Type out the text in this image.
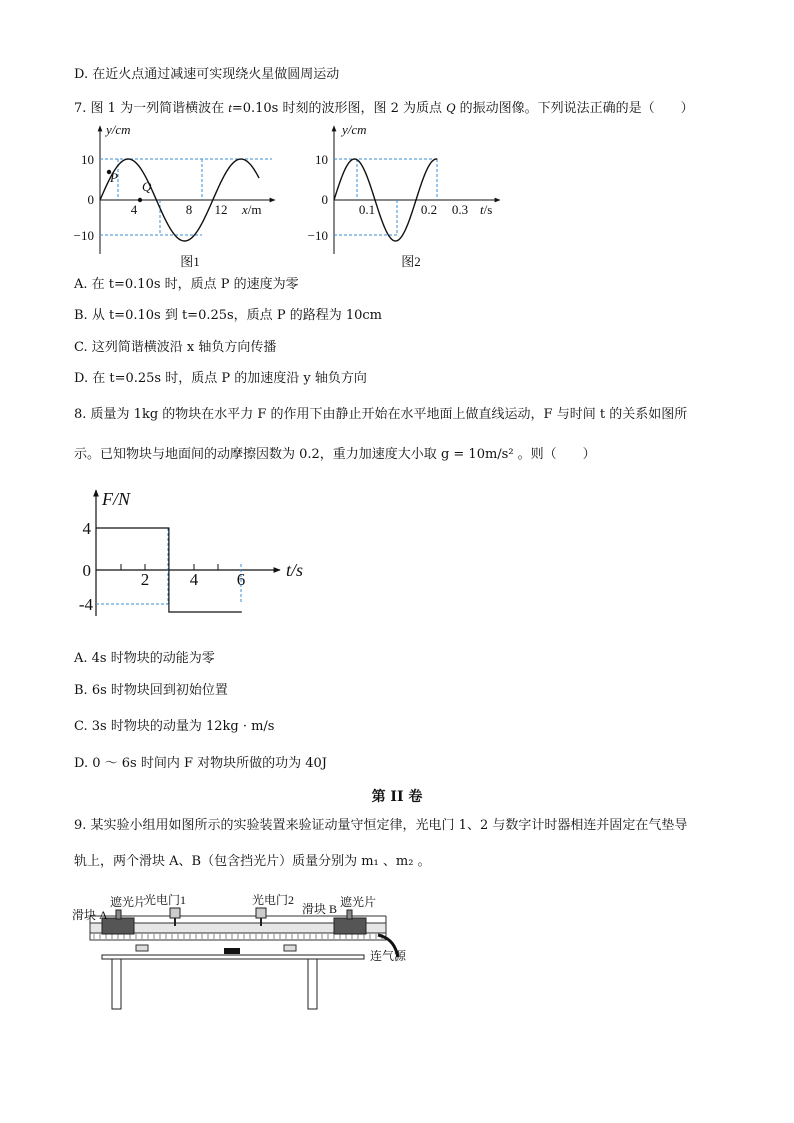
D. 在近火点通过减速可实现绕火星做圆周运动
7. 图 1 为一列简谐横波在 t=0.10s 时刻的波形图，图 2 为质点 Q 的振动图像。下列说法正确的是（　　）
P
Q
y/cm
10
0
−10
4	8 12 x/m
图1
y/cm
10
0
−10
0.1	0.2 0.3 t/s
图2
A. 在 t=0.10s 时，质点 P 的速度为零
B. 从 t=0.10s 到 t=0.25s，质点 P 的路程为 10cm
C. 这列简谐横波沿 x 轴负方向传播
D. 在 t=0.25s 时，质点 P 的加速度沿 y 轴负方向
8. 质量为 1kg 的物块在水平力 F 的作用下由静止开始在水平地面上做直线运动，F 与时间 t 的关系如图所
示。已知物块与地面间的动摩擦因数为 0.2，重力加速度大小取 g = 10m/s² 。则（　　）
F/N
4
0
-4
2 4 6 t/s
A. 4s 时物块的动能为零
B. 6s 时物块回到初始位置
C. 3s 时物块的动量为 12kg · m/s
D. 0 ～ 6s 时间内 F 对物块所做的功为 40J
第 II 卷
9. 某实验小组用如图所示的实验装置来验证动量守恒定律，光电门 1、2 与数字计时器相连并固定在气垫导
轨上，两个滑块 A、B（包含挡光片）质量分别为 m₁ 、m₂ 。
滑块 A
遮光片
光电门1	光电门2
滑块 B 遮光片
连气源
